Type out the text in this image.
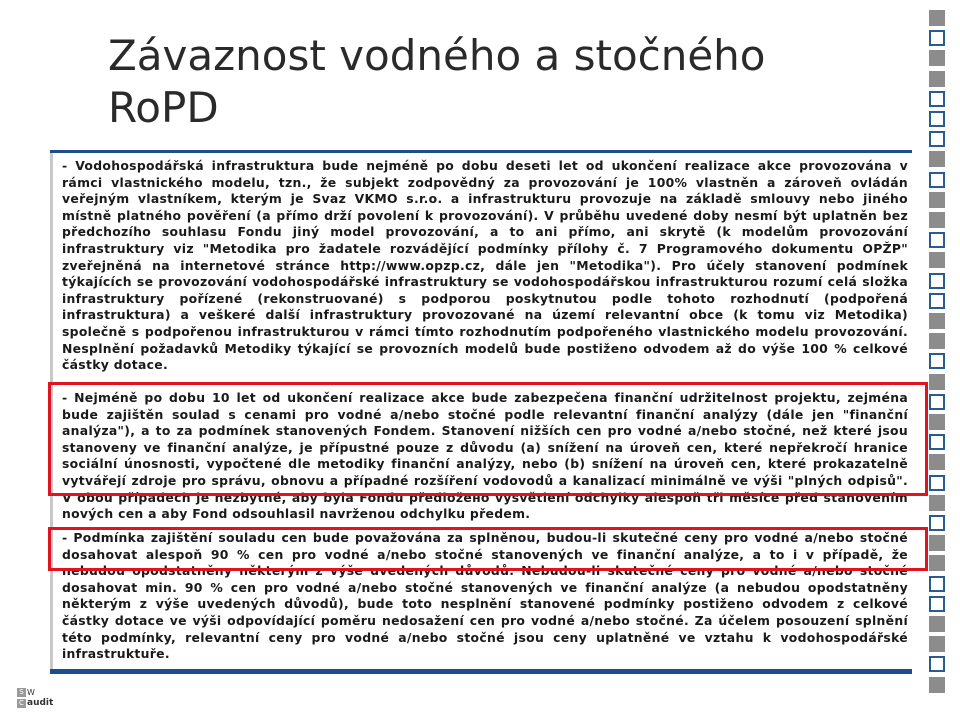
Závaznost vodného a stočného RoPD

- Vodohospodářská infrastruktura bude nejméně po dobu deseti let od ukončení realizace akce provozována v rámci vlastnického modelu, tzn., že subjekt zodpovědný za provozování je 100% vlastněn a zároveň ovládán veřejným vlastníkem, kterým je Svaz VKMO s.r.o. a infrastrukturu provozuje na základě smlouvy nebo jiného místně platného pověření (a přímo drží povolení k provozování). V průběhu uvedené doby nesmí být uplatněn bez předchozího souhlasu Fondu jiný model provozování, a to ani přímo, ani skrytě (k modelům provozování infrastruktury viz "Metodika pro žadatele rozvádějící podmínky přílohy č. 7 Programového dokumentu OPŽP" zveřejněná na internetové stránce http://www.opzp.cz, dále jen "Metodika"). Pro účely stanovení podmínek týkajících se provozování vodohospodářské infrastruktury se vodohospodářskou infrastrukturou rozumí celá složka infrastruktury pořízené (rekonstruované) s podporou poskytnutou podle tohoto rozhodnutí (podpořená infrastruktura) a veškeré další infrastruktury provozované na území relevantní obce (k tomu viz Metodika) společně s podpořenou infrastrukturou v rámci tímto rozhodnutím podpořeného vlastnického modelu provozování. Nesplnění požadavků Metodiky týkající se provozních modelů bude postiženo odvodem až do výše 100 % celkové částky dotace.

- Nejméně po dobu 10 let od ukončení realizace akce bude zabezpečena finanční udržitelnost projektu, zejména bude zajištěn soulad s cenami pro vodné a/nebo stočné podle relevantní finanční analýzy (dále jen "finanční analýza"), a to za podmínek stanovených Fondem. Stanovení nižších cen pro vodné a/nebo stočné, než které jsou stanoveny ve finanční analýze, je přípustné pouze z důvodu (a) snížení na úroveň cen, které nepřekročí hranice sociální únosnosti, vypočtené dle metodiky finanční analýzy, nebo (b) snížení na úroveň cen, které prokazatelně vytvářejí zdroje pro správu, obnovu a případné rozšíření vodovodů a kanalizací minimálně ve výši "plných odpisů". V obou případech je nezbytné, aby byla Fondu předložено vysvětlení odchylky alespoň tři měsíce před stanovením nových cen a aby Fond odsouhlasil navrženou odchylku předem.

- Podmínka zajištění souladu cen bude považována za splněnou, budou-li skutečné ceny pro vodné a/nebo stočné dosahovat alespoň 90 % cen pro vodné a/nebo stočné stanovených ve finanční analýze, a to i v případě, že nebudou opodstatněny některým z výše uvedených důvodů. Nebudou-li skutečné ceny pro vodné a/nebo stočné dosahovat min. 90 % cen pro vodné a/nebo stočné stanovených ve finanční analýze (a nebudou opodstatněny některým z výše uvedených důvodů), bude toto nesplnění stanovené podmínky postiženo odvodem z celkové částky dotace ve výši odpovídající poměru nedosažení cen pro vodné a/nebo stočné. Za účelem posouzení splnění této podmínky, relevantní ceny pro vodné a/nebo stočné jsou ceny uplatněné ve vztahu k vodohospodářské infrastruktuře.

S W
C audit
